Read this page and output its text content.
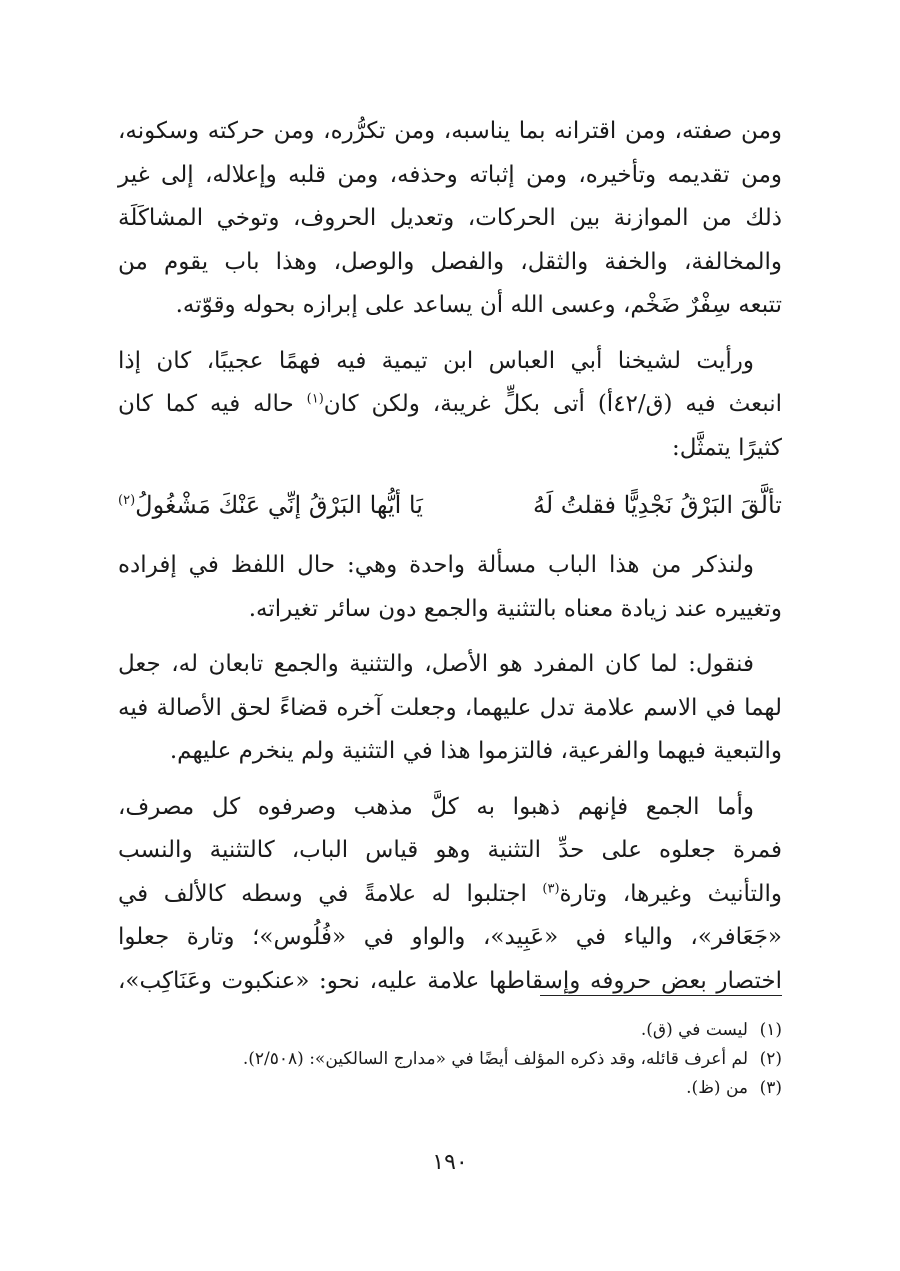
ومن صفته، ومن اقترانه بما يناسبه، ومن تكرُّره، ومن حركته وسكونه،
ومن تقديمه وتأخيره، ومن إثباته وحذفه، ومن قلبه وإعلاله، إلى غير
ذلك من الموازنة بين الحركات، وتعديل الحروف، وتوخي المشاكَلَة
والمخالفة، والخفة والثقل، والفصل والوصل، وهذا باب يقوم من
تتبعه سِفْرٌ ضَخْم، وعسى الله أن يساعد على إبرازه بحوله وقوّته.

ورأيت لشيخنا أبي العباس ابن تيمية فيه فهمًا عجيبًا، كان إذا
انبعث فيه (ق/٤٢أ) أتى بكلٍّ غريبة، ولكن كان$^{(١)}$ حاله فيه كما كان
كثيرًا يتمثَّل:

تألَّقَ البَرْقُ نَجْدِيًّا فقلتُ لَهُ
يَا أيُّها البَرْقُ إنِّي عَنْكَ مَشْغُولُ$^{(٢)}$

ولنذكر من هذا الباب مسألة واحدة وهي: حال اللفظ في إفراده
وتغييره عند زيادة معناه بالتثنية والجمع دون سائر تغيراته.

فنقول: لما كان المفرد هو الأصل، والتثنية والجمع تابعان له، جعل
لهما في الاسم علامة تدل عليهما، وجعلت آخره قضاءً لحق الأصالة فيه
والتبعية فيهما والفرعية، فالتزموا هذا في التثنية ولم ينخرم عليهم.

وأما الجمع فإنهم ذهبوا به كلَّ مذهب وصرفوه كل مصرف،
فمرة جعلوه على حدِّ التثنية وهو قياس الباب، كالتثنية والنسب
والتأنيث وغيرها، وتارة$^{(٣)}$ اجتلبوا له علامةً في وسطه كالألف في
«جَعَافر»، والياء في «عَبِيد»، والواو في «فُلُوس»؛ وتارة جعلوا
اختصار بعض حروفه وإسقاطها علامة عليه، نحو: «عنكبوت وعَنَاكِب»،

(١)ليست في (ق).
(٢)لم أعرف قائله، وقد ذكره المؤلف أيضًا في «مدارج السالكين»: (٢/٥٠٨).
(٣)من (ظ).
١٩٠
